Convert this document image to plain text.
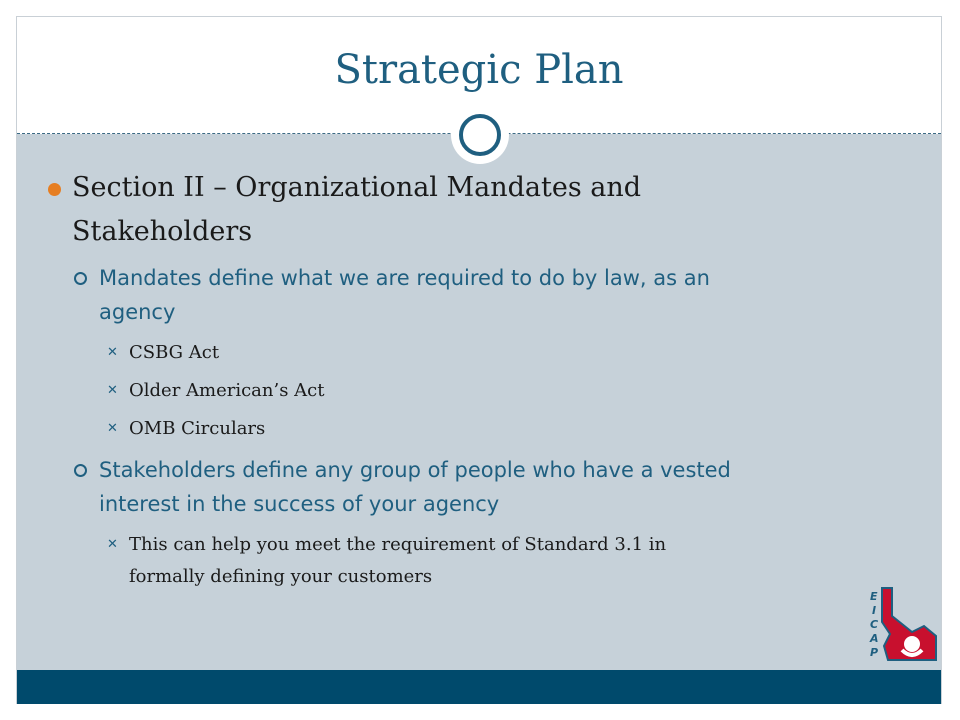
Strategic Plan
Section II – Organizational Mandates and
Stakeholders
Mandates define what we are required to do by law, as an
agency
✕ CSBG Act
✕ Older American’s Act
✕ OMB Circulars
Stakeholders define any group of people who have a vested
interest in the success of your agency
✕ This can help you meet the requirement of Standard 3.1 in
formally defining your customers
E
I
C
A
P
